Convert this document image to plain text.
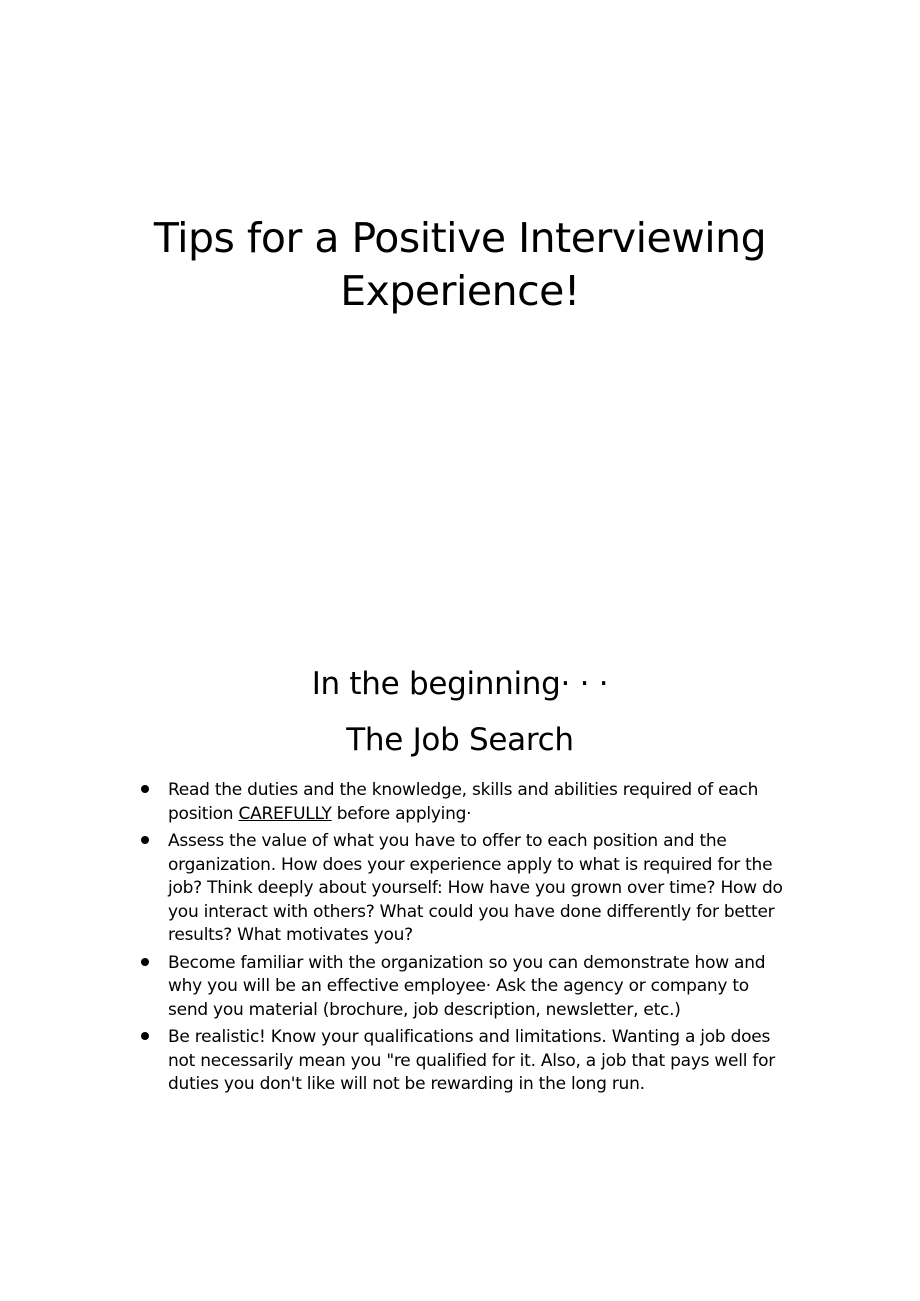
Tips for a Positive Interviewing Experience!
In the beginning· · ·
The Job Search
Read the duties and the knowledge, skills and abilities required of each position CAREFULLY before applying·
Assess the value of what you have to offer to each position and the organization. How does your experience apply to what is required for the job? Think deeply about yourself: How have you grown over time? How do you interact with others? What could you have done differently for better results? What motivates you?
Become familiar with the organization so you can demonstrate how and why you will be an effective employee· Ask the agency or company to send you material (brochure, job description, newsletter, etc.)
Be realistic! Know your qualifications and limitations. Wanting a job does not necessarily mean you "re qualified for it. Also, a job that pays well for duties you don't like will not be rewarding in the long run.
